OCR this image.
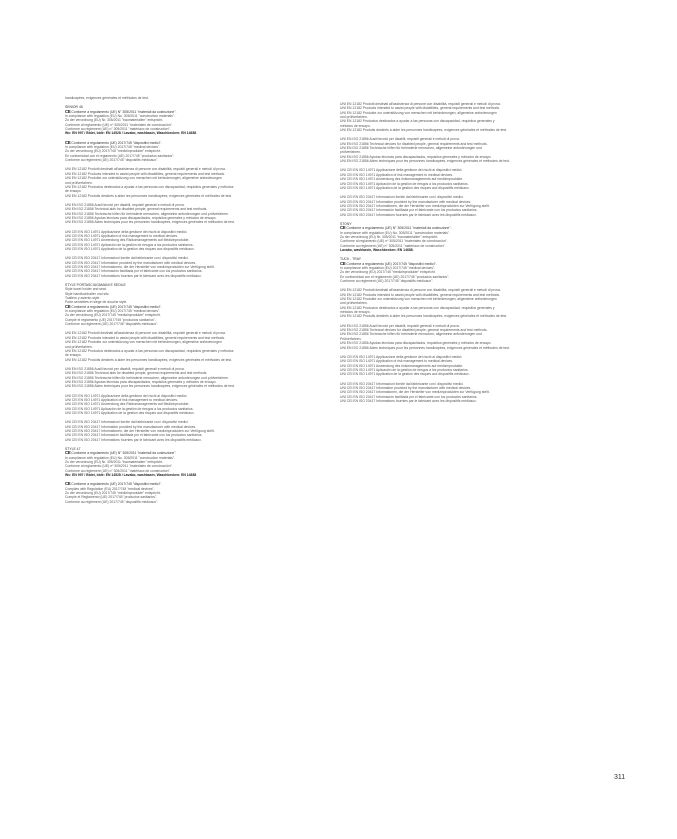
handicapées, exigences générales et méthodes de test.

SENIOR 46

CE Conforme a regolamento (UE) N° 305/2011 "materiali da costruzione".

In compliance with regulation (EU) No. 305/2011 "construction materials".

Zu der verordnung (EU) Nr. 305/2011 "baumaterialien" entspricht.

Conforme al reglamento (UE) nº 305/2011 "materiales de construcción".

Conforme au règlement (UE) n° 305/2011 "matériaux de construction".

Wc: EN 997 / Bidet, bidé: EN 14528 / Lavabo, washbasin, Waschbecken: EN 14688

CE Conforme a regolamento (UE) 2017/745 "dispositivi medici".

In compliance with regulation (EU) 2017/745 "medical devices".

Zu der verordnung (EU) 2017/745 "medizinprodukte" entspricht.

En conformidad con el reglamento (UE) 2017/745 "productos sanitarios".

Conforme au règlement (UE) 2017/745 "dispositifs médicaux".

UNI EN 12182 Prodotti destinati all'assistenza di persone con disabilità, requisiti generali e metodi di prova.

UNI EN 12182 Products intended to assist people with disabilities, general requirements and test methods.

UNI EN 12182 Produkte zur unterstützung von menschen mit behinderungen, allgemeine anforderungen

und prüfverfahren.

UNI EN 12182 Productos destinados a ayudar a las personas con discapacidad, requisitos generales y métodos

de ensayo.

UNI EN 12182 Produits destinés à aider les personnes handicapées, exigences générales et méthodes de test.

UNI EN ISO 21856 Ausili tecnici per disabili, requisiti generali e metodi di prova.

UNI EN ISO 21856 Technical aids for disabled people, general requirements and test methods.

UNI EN ISO 21856 Technische hilfen für behinderte menschen, allgemeine anforderungen und prüfverfahren.

UNI EN ISO 21856 Ayudas técnicas para discapacitados, requisitos generales y métodos de ensayo.

UNI EN ISO 21856 Aides techniques pour les personnes handicapées, exigences générales et méthodes de test.

UNI CEI EN ISO 14971 Applicazione della gestione dei rischi ai dispositivi medici.

UNI CEI EN ISO 14971 Application of risk management to medical devices.

UNI CEI EN ISO 14971 Anwendung des Risikomanagements auf Medizinprodukte.

UNI CEI EN ISO 14971 Aplicación de la gestión de riesgos a los productos sanitarios.

UNI CEI EN ISO 14971 Application de la gestion des risques aux dispositifs médicaux.

UNI CEI EN ISO 20417 Informazioni fornite dal fabbricante con i dispositivi medici.

UNI CEI EN ISO 20417 Information provided by the manufacturer with medical devices.

UNI CEI EN ISO 20417 Informationen, die der Hersteller von medizinprodukten zur Verfügung stellt.

UNI CEI EN ISO 20417 Información facilitada por el fabricante con los productos sanitarios.

UNI CEI EN ISO 20417 Informations fournies par le fabricant avec les dispositifs médicaux.

STYLE PORTASCIUGAMANI E SEDILE

Style towel holder and seat.

Style handtuchhalter und sitz.

Toallero y asiento style.

Porte-serviettes et siège de douche style.

CE Conforme a regolamento (UE) 2017/745 "dispositivi medici".

In compliance with regulation (EU) 2017/745 "medical devices".

Zu der verordnung (EU) 2017/745 "medizinprodukte" entspricht.

Cumple el reglamento (UE) 2017/745 "productos sanitarios".

Conforme au règlement (UE) 2017/745 "dispositifs médicaux".

UNI EN 12182 Prodotti destinati all'assistenza di persone con disabilità, requisiti generali e metodi di prova.

UNI EN 12182 Products intended to assist people with disabilities, general requirements and test methods.

UNI EN 12182 Produkte zur unterstützung von menschen mit behinderungen, allgemeine anforderungen

und prüfverfahren.

UNI EN 12182 Productos destinados a ayudar a las personas con discapacidad, requisitos generales y métodos

de ensayo.

UNI EN 12182 Produits destinés à aider les personnes handicapées, exigences générales et méthodes de test.

UNI EN ISO 21856 Ausili tecnici per disabili, requisiti generali e metodi di prova.

UNI EN ISO 21856 Technical aids for disabled people, general requirements and test methods.

UNI EN ISO 21856 Technische hilfen für behinderte menschen, allgemeine anforderungen und prüfverfahren.

UNI EN ISO 21856 Ayudas técnicas para discapacitados, requisitos generales y métodos de ensayo.

UNI EN ISO 21856 Aides techniques pour les personnes handicapées, exigences générales et méthodes de test.

UNI CEI EN ISO 14971 Applicazione della gestione dei rischi ai dispositivi medici.

UNI CEI EN ISO 14971 Application of risk management to medical devices.

UNI CEI EN ISO 14971 Anwendung des Risikomanagements auf Medizinprodukte.

UNI CEI EN ISO 14971 Aplicación de la gestión de riesgos a los productos sanitarios.

UNI CEI EN ISO 14971 Application de la gestion des risques aux dispositifs médicaux.

UNI CEI EN ISO 20417 Informazioni fornite dal fabbricante con i dispositivi medici.

UNI CEI EN ISO 20417 Information provided by the manufacturer with medical devices.

UNI CEI EN ISO 20417 Informationen, die der Hersteller von medizinprodukten zur Verfügung stellt.

UNI CEI EN ISO 20417 Información facilitada por el fabricante con los productos sanitarios.

UNI CEI EN ISO 20417 Informations fournies par le fabricant avec les dispositifs médicaux.

STYLE 47

CE Conforme a regolamento (UE) N° 305/2011 "materiali da costruzione".

In compliance with regulation (EU) No. 305/2011 "construction materials".

Zu der verordnung (EU) Nr. 305/2011 "baumaterialien" entspricht.

Conforme al reglamento (UE) nº 305/2011 "materiales de construcción".

Conforme au règlement (UE) n° 305/2011 "matériaux de construction".

Wc: EN 997 / Bidet, bidé: EN 14528 / Lavabo, washbasin, Waschbecken: EN 14688

CE Conforme a regolamento (UE) 2017/745 "dispositivi medici".

Complies with Regulation (EU) 2017/745 "medical devices".

Zu der verordnung (EU) 2017/745 "medizinprodukte" entspricht.

Cumple el Reglamento (UE) 2017/745 "productos sanitarios".

Conforme au règlement (UE) 2017/745 "dispositifs médicaux".

UNI EN 12182 Prodotti destinati all'assistenza di persone con disabilità, requisiti generali e metodi di prova.

UNI EN 12182 Products intended to assist people with disabilities, general requirements and test methods.

UNI EN 12182 Produkte zur unterstützung von menschen mit behinderungen, allgemeine anforderungen

und prüfverfahren.

UNI EN 12182 Productos destinados a ayudar a las personas con discapacidad, requisitos generales y

métodos de ensayo.

UNI EN 12182 Produits destinés à aider les personnes handicapées, exigences générales et méthodes de test.

UNI EN ISO 21856 Ausili tecnici per disabili, requisiti generali e metodi di prova.

UNI EN ISO 21856 Technical devices for disabled people, general requirements and test methods.

UNI EN ISO 21856 Technische hilfen für behinderte menschen, allgemeine anforderungen und

prüfverfahren.

UNI EN ISO 21856 Ayudas técnicas para discapacitados, requisitos generales y métodos de ensayo.

UNI EN ISO 21856 Aides techniques pour les personnes handicapées, exigences générales et méthodes de test.

UNI CEI EN ISO 14971 Applicazione della gestione dei rischi ai dispositivi medici.

UNI CEI EN ISO 14971 Application of risk management to medical devices.

UNI CEI EN ISO 14971 Anwendung des risikomanagements auf medizinprodukte.

UNI CEI EN ISO 14971 Aplicación de la gestión de riesgos a los productos sanitarios.

UNI CEI EN ISO 14971 Application de la gestion des risques aux dispositifs médicaux.

UNI CEI EN ISO 20417 Informazioni fornite dal fabbricante con i dispositivi medici.

UNI CEI EN ISO 20417 Information provided by the manufacturer with medical devices.

UNI CEI EN ISO 20417 Informationen, die der Hersteller von medizinprodukten zur Verfügung stellt.

UNI CEI EN ISO 20417 Información facilitada por el fabricante con los productos sanitarios.

UNI CEI EN ISO 20417 Informations fournies par le fabricant avec les dispositifs médicaux.

STONY

CE Conforme a regolamento (UE) N° 305/2011 "materiali da costruzione".

In compliance with regulation (EU) No. 305/2011 "construction materials".

Zu der verordnung (EU) Nr. 305/2011 "baumaterialien" entspricht.

Conforme al reglamento (UE) nº 305/2011 "materiales de construcción".

Conforme au règlement (UE) n° 305/2011 "matériaux de construction".

Lavabo, washbasin, Waschbecken: EN 14688.

TUCK - TRAY

CE Conforme a regolamento (UE) 2017/745 "dispositivi medici".

In compliance with regulation (EU) 2017/745 "medical devices".

Zu der verordnung (EU) 2017/745 "medizinprodukte" entspricht.

En conformidad con el reglamento (UE) 2017/745 "productos sanitarios".

Conforme au règlement (UE) 2017/745 "dispositifs médicaux".

UNI EN 12182 Prodotti destinati all'assistenza di persone con disabilità, requisiti generali e metodi di prova.

UNI EN 12182 Products intended to assist people with disabilities, general requirements and test methods.

UNI EN 12182 Produkte zur unterstützung von menschen mit behinderungen, allgemeine anforderungen

und prüfverfahren.

UNI EN 12182 Productos destinados a ayudar a las personas con discapacidad, requisitos generales y

métodos de ensayo.

UNI EN 12182 Produits destinés à aider les personnes handicapées, exigences générales et méthodes de test.

UNI EN ISO 21856 Ausili tecnici per disabili, requisiti generali e metodi di prova.

UNI EN ISO 21856 Technical devices for disabled people, general requirements and test methods.

UNI EN ISO 21856 Technische hilfen für behinderte menschen, allgemeine anforderungen und

Prüfverfahren.

UNI EN ISO 21856 Ayudas técnicas para discapacitados, requisitos generales y métodos de ensayo.

UNI EN ISO 21856 Aides techniques pour les personnes handicapées, exigences générales et méthodes de test.

UNI CEI EN ISO 14971 Applicazione della gestione dei rischi ai dispositivi medici.

UNI CEI EN ISO 14971 Application of risk management to medical devices.

UNI CEI EN ISO 14971 Anwendung des risikomanagements auf medizinprodukte.

UNI CEI EN ISO 14971 Aplicación de la gestión de riesgos a los productos sanitarios.

UNI CEI EN ISO 14971 Application de la gestion des risques aux dispositifs médicaux.

UNI CEI EN ISO 20417 Informazioni fornite dal fabbricante con i dispositivi medici.

UNI CEI EN ISO 20417 Information provided by the manufacturer with medical devices.

UNI CEI EN ISO 20417 Informationen, die der Hersteller von medizinprodukten zur Verfügung stellt.

UNI CEI EN ISO 20417 Información facilitada por el fabricante con los productos sanitarios.

UNI CEI EN ISO 20417 Informations fournies par le fabricant avec les dispositifs médicaux.

311
